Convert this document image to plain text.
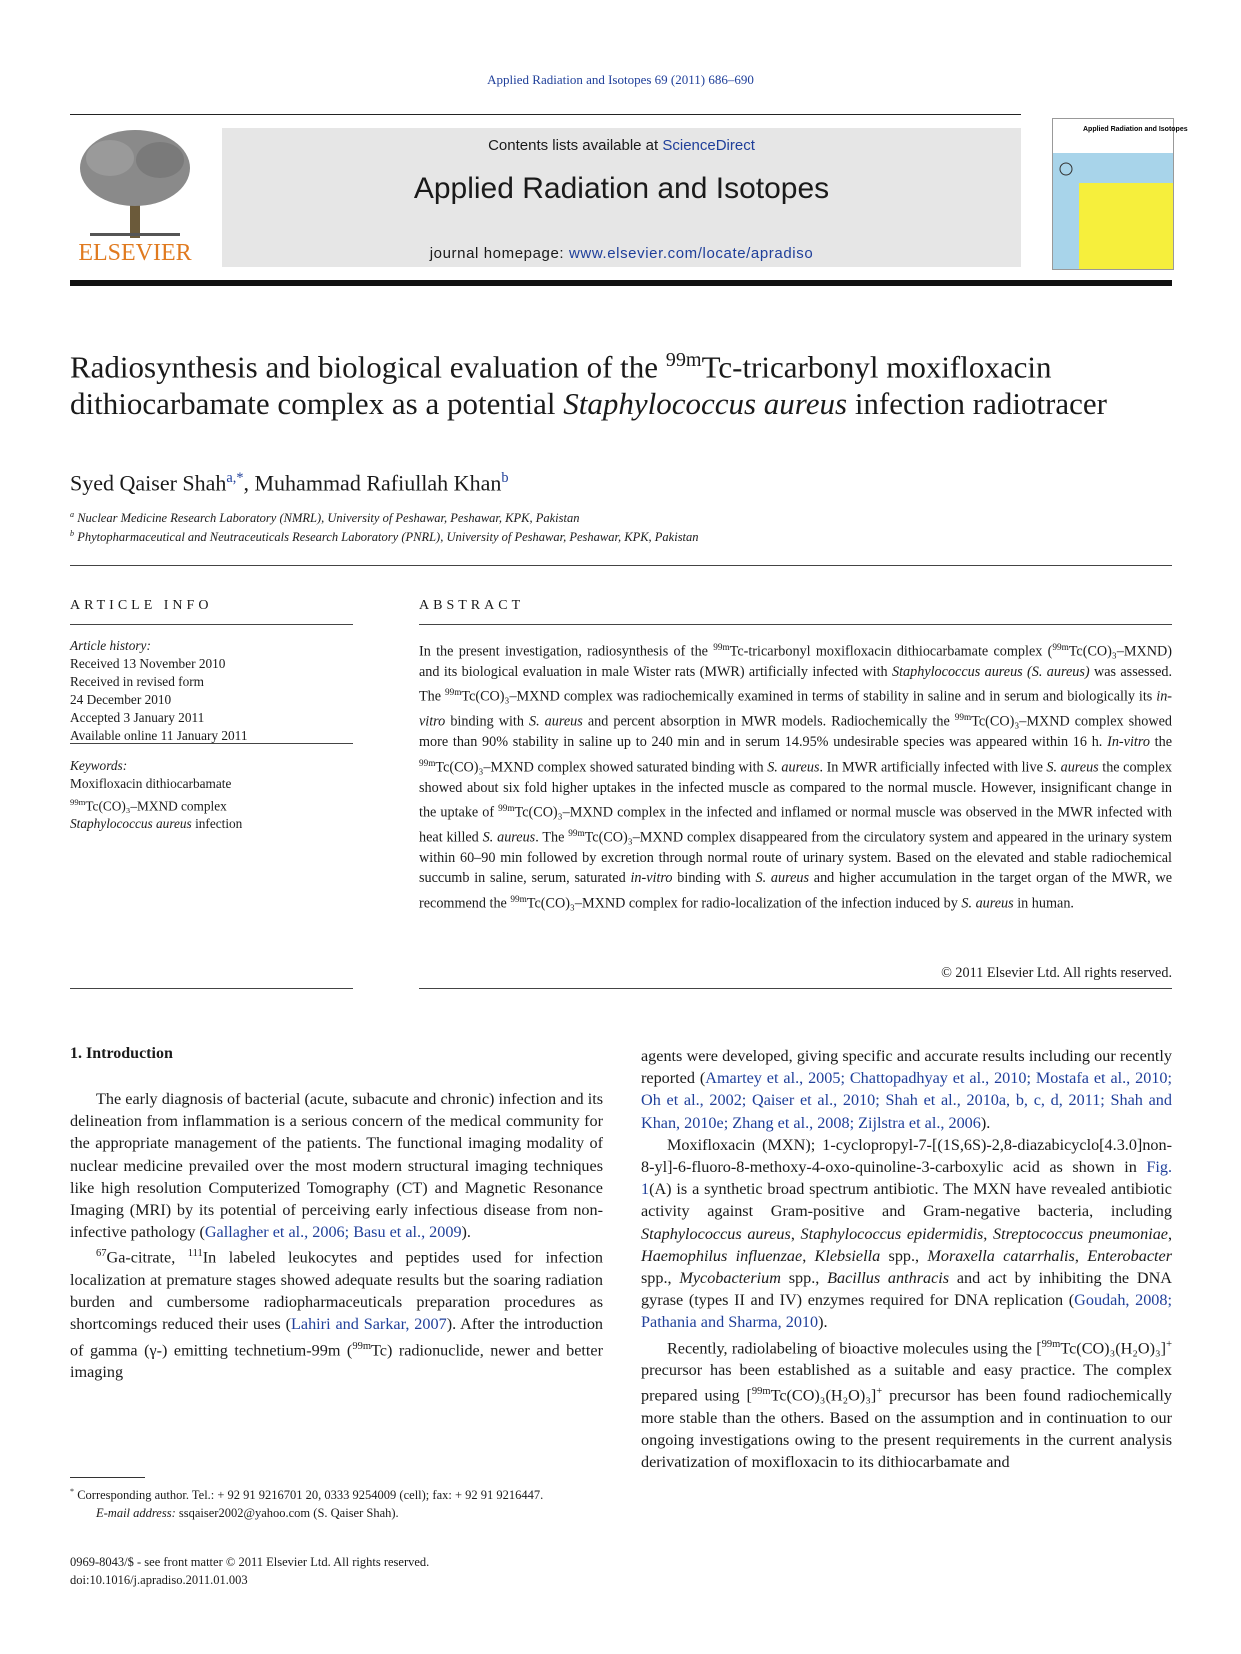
Applied Radiation and Isotopes 69 (2011) 686–690
ELSEVIER
Contents lists available at ScienceDirect
Applied Radiation and Isotopes
journal homepage: www.elsevier.com/locate/apradiso
Applied Radiation and Isotopes
Radiosynthesis and biological evaluation of the $^{99m}$Tc-tricarbonyl moxifloxacin dithiocarbamate complex as a potential Staphylococcus aureus infection radiotracer
Syed Qaiser Shah$^{a,*}$, Muhammad Rafiullah Khan$^b$
$^a$ Nuclear Medicine Research Laboratory (NMRL), University of Peshawar, Peshawar, KPK, Pakistan
$^b$ Phytopharmaceutical and Neutraceuticals Research Laboratory (PNRL), University of Peshawar, Peshawar, KPK, Pakistan
ARTICLE INFO	ABSTRACT
Article history:
Received 13 November 2010
Received in revised form
24 December 2010
Accepted 3 January 2011
Available online 11 January 2011
Keywords:
Moxifloxacin dithiocarbamate
$^{99m}$Tc(CO)₃–MXND complex
Staphylococcus aureus infection
In the present investigation, radiosynthesis of the $^{99m}$Tc-tricarbonyl moxifloxacin dithiocarbamate complex ($^{99m}$Tc(CO)₃–MXND) and its biological evaluation in male Wister rats (MWR) artificially infected with Staphylococcus aureus (S. aureus) was assessed. The $^{99m}$Tc(CO)₃–MXND complex was radiochemically examined in terms of stability in saline and in serum and biologically its in-vitro binding with S. aureus and percent absorption in MWR models. Radiochemically the $^{99m}$Tc(CO)₃–MXND complex showed more than 90% stability in saline up to 240 min and in serum 14.95% undesirable species was appeared within 16 h. In-vitro the $^{99m}$Tc(CO)₃–MXND complex showed saturated binding with S. aureus. In MWR artificially infected with live S. aureus the complex showed about six fold higher uptakes in the infected muscle as compared to the normal muscle. However, insignificant change in the uptake of $^{99m}$Tc(CO)₃–MXND complex in the infected and inflamed or normal muscle was observed in the MWR infected with heat killed S. aureus. The $^{99m}$Tc(CO)₃–MXND complex disappeared from the circulatory system and appeared in the urinary system within 60–90 min followed by excretion through normal route of urinary system. Based on the elevated and stable radiochemical succumb in saline, serum, saturated in-vitro binding with S. aureus and higher accumulation in the target organ of the MWR, we recommend the $^{99m}$Tc(CO)₃–MXND complex for radio-localization of the infection induced by S. aureus in human.
© 2011 Elsevier Ltd. All rights reserved.
1. Introduction

The early diagnosis of bacterial (acute, subacute and chronic) infection and its delineation from inflammation is a serious concern of the medical community for the appropriate management of the patients. The functional imaging modality of nuclear medicine prevailed over the most modern structural imaging techniques like high resolution Computerized Tomography (CT) and Magnetic Resonance Imaging (MRI) by its potential of perceiving early infectious disease from non-infective pathology (Gallagher et al., 2006; Basu et al., 2009).

$^{67}$Ga-citrate, $^{111}$In labeled leukocytes and peptides used for infection localization at premature stages showed adequate results but the soaring radiation burden and cumbersome radiopharmaceuticals preparation procedures as shortcomings reduced their uses (Lahiri and Sarkar, 2007). After the introduction of gamma (γ-) emitting technetium-99m ($^{99m}$Tc) radionuclide, newer and better imaging

agents were developed, giving specific and accurate results including our recently reported (Amartey et al., 2005; Chattopadhyay et al., 2010; Mostafa et al., 2010; Oh et al., 2002; Qaiser et al., 2010; Shah et al., 2010a, b, c, d, 2011; Shah and Khan, 2010e; Zhang et al., 2008; Zijlstra et al., 2006).

Moxifloxacin (MXN); 1-cyclopropyl-7-[(1S,6S)-2,8-diazabicyclo[4.3.0]non-8-yl]-6-fluoro-8-methoxy-4-oxo-quinoline-3-carboxylic acid as shown in Fig. 1(A) is a synthetic broad spectrum antibiotic. The MXN have revealed antibiotic activity against Gram-positive and Gram-negative bacteria, including Staphylococcus aureus, Staphylococcus epidermidis, Streptococcus pneumoniae, Haemophilus influenzae, Klebsiella spp., Moraxella catarrhalis, Enterobacter spp., Mycobacterium spp., Bacillus anthracis and act by inhibiting the DNA gyrase (types II and IV) enzymes required for DNA replication (Goudah, 2008; Pathania and Sharma, 2010).

Recently, radiolabeling of bioactive molecules using the [$^{99m}$Tc(CO)₃(H₂O)₃]+ precursor has been established as a suitable and easy practice. The complex prepared using [$^{99m}$Tc(CO)₃(H₂O)₃]+ precursor has been found radiochemically more stable than the others. Based on the assumption and in continuation to our ongoing investigations owing to the present requirements in the current analysis derivatization of moxifloxacin to its dithiocarbamate and

* Corresponding author. Tel.: + 92 91 9216701 20, 0333 9254009 (cell); fax: + 92 91 9216447.
E-mail address: ssqaiser2002@yahoo.com (S. Qaiser Shah).
0969-8043/$ - see front matter © 2011 Elsevier Ltd. All rights reserved.
doi:10.1016/j.apradiso.2011.01.003
